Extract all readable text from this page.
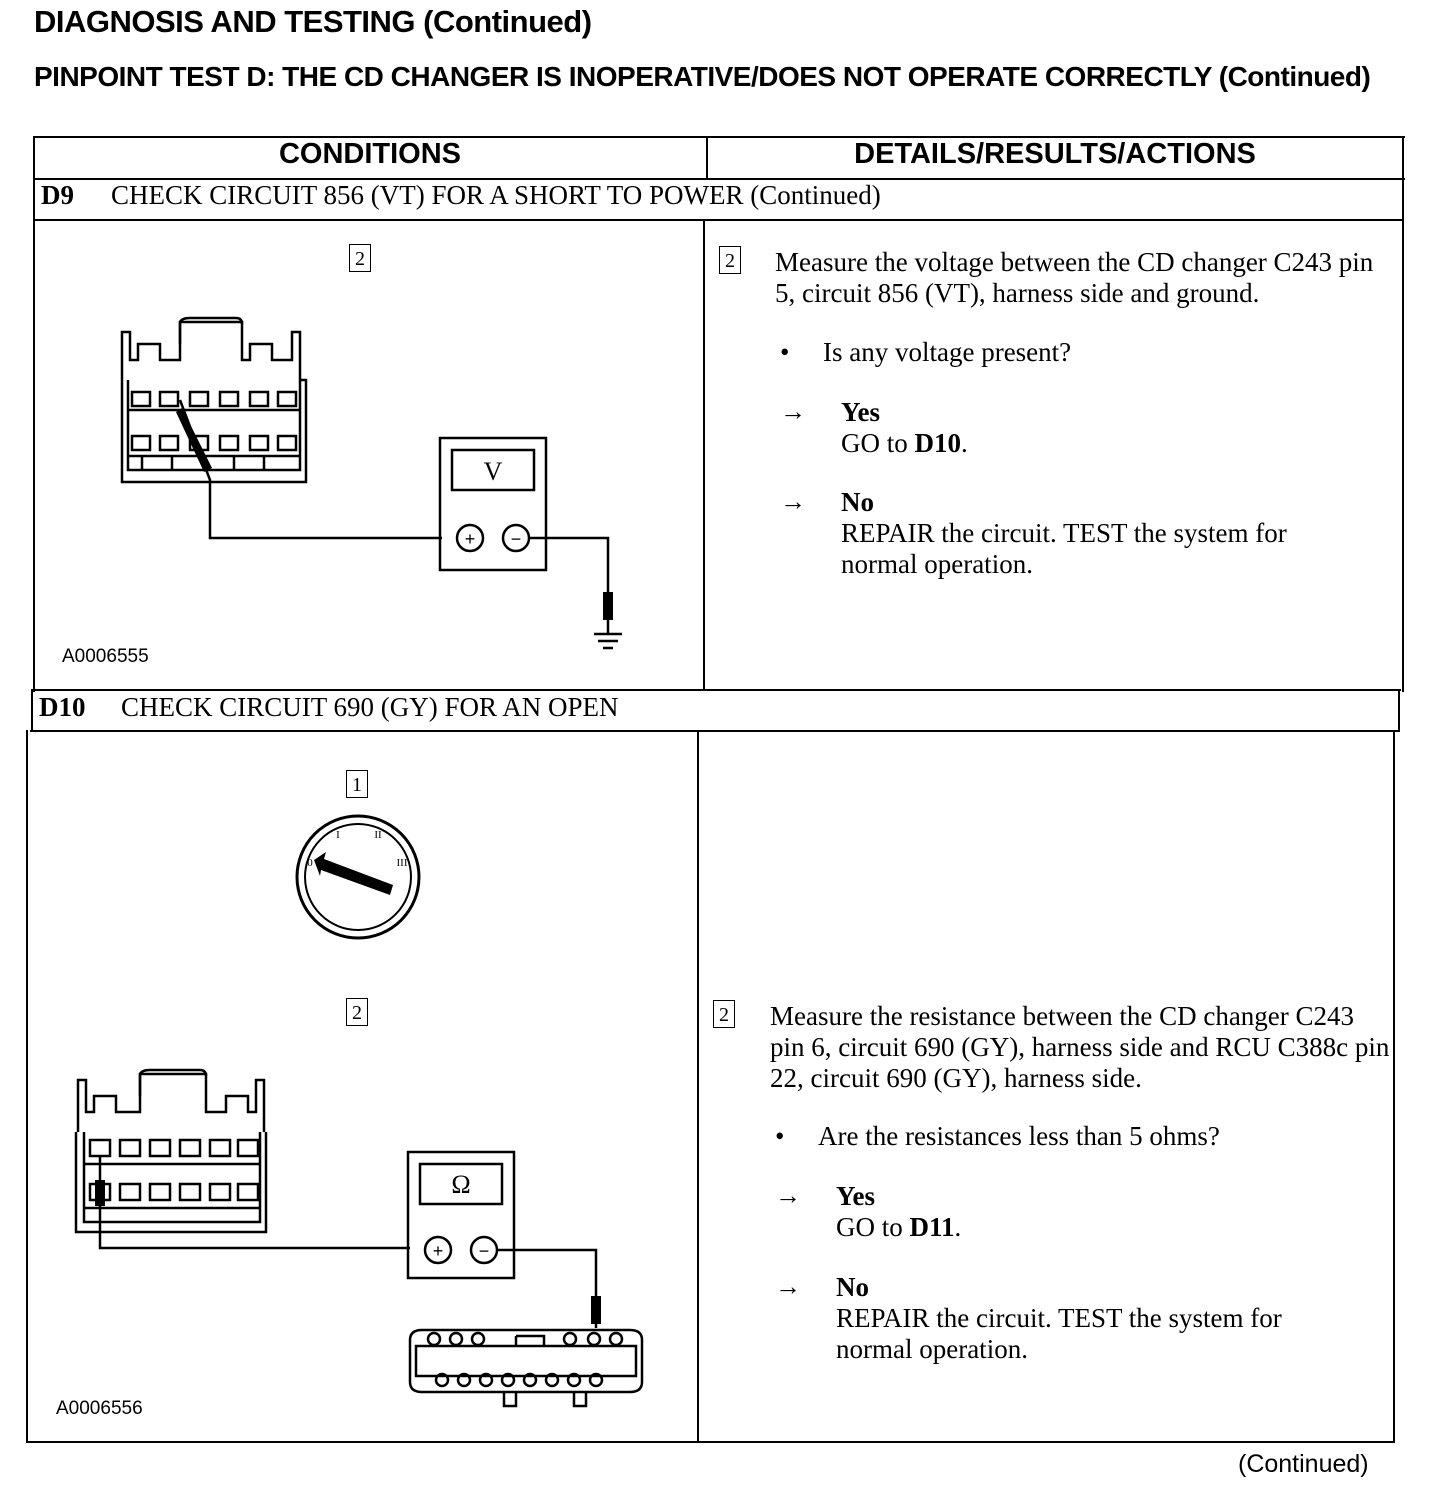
DIAGNOSIS AND TESTING (Continued)
PINPOINT TEST D: THE CD CHANGER IS INOPERATIVE/DOES NOT OPERATE CORRECTLY (Continued)
CONDITIONS	DETAILS/RESULTS/ACTIONS
D9 CHECK CIRCUIT 856 (VT) FOR A SHORT TO POWER (Continued)
2
V
+ −
A0006555
2 Measure the voltage between the CD changer C243 pin 5, circuit 856 (VT), harness side and ground.
• Is any voltage present?
→ Yes
GO to D10.
→ No
REPAIR the circuit. TEST the system for normal operation.
D10 CHECK CIRCUIT 690 (GY) FOR AN OPEN
1
0
I	II
III
2
Ω
+ −
A0006556
2 Measure the resistance between the CD changer C243 pin 6, circuit 690 (GY), harness side and RCU C388c pin 22, circuit 690 (GY), harness side.
• Are the resistances less than 5 ohms?
→ Yes
GO to D11.
→ No
REPAIR the circuit. TEST the system for normal operation.
(Continued)
